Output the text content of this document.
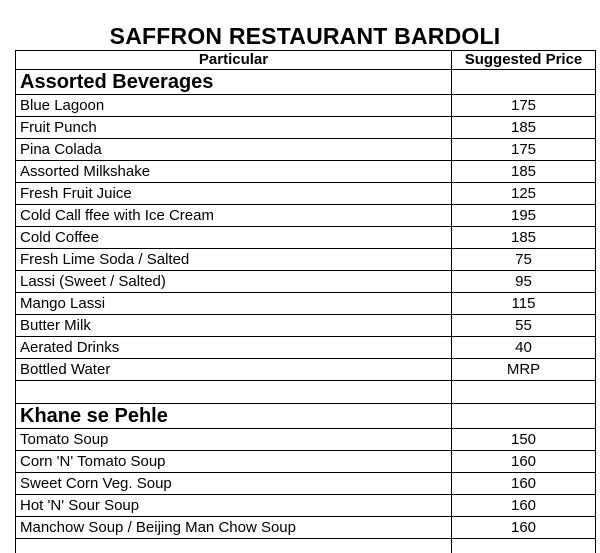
SAFFRON RESTAURANT BARDOLI
Particular	Suggested Price
Assorted Beverages	
Blue Lagoon	175
Fruit Punch	185
Pina Colada	175
Assorted Milkshake	185
Fresh Fruit Juice	125
Cold Call ffee with Ice Cream	195
Cold Coffee	185
Fresh Lime Soda / Salted	75
Lassi (Sweet / Salted)	95
Mango Lassi	115
Butter Milk	55
Aerated Drinks	40
Bottled Water	MRP

Khane se Pehle	
Tomato Soup	150
Corn 'N' Tomato Soup	160
Sweet Corn Veg. Soup	160
Hot 'N' Sour Soup	160
Manchow Soup / Beijing Man Chow Soup	160
